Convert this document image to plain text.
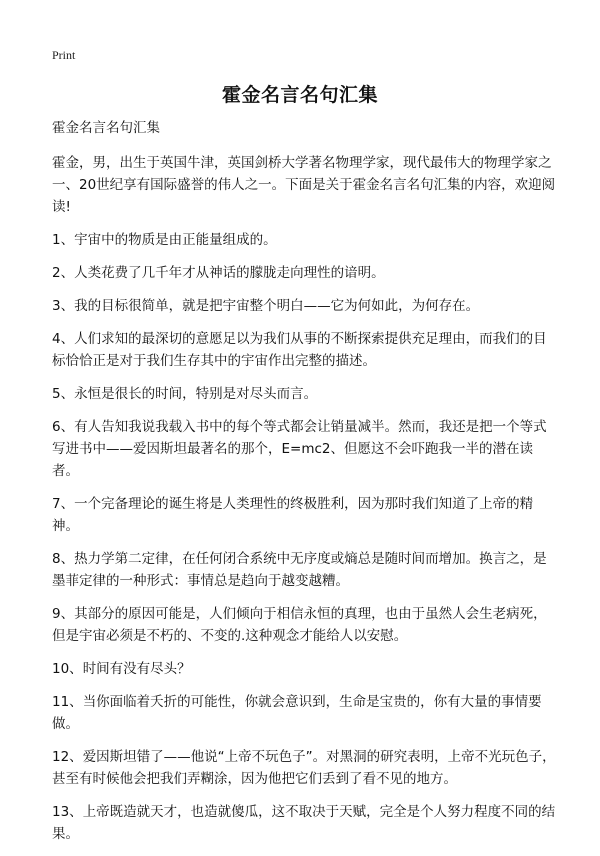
Print
霍金名言名句汇集

霍金名言名句汇集

霍金，男，出生于英国牛津，英国剑桥大学著名物理学家，现代最伟大的物理学家之一、20世纪享有国际盛誉的伟人之一。下面是关于霍金名言名句汇集的内容，欢迎阅读!

1、宇宙中的物质是由正能量组成的。

2、人类花费了几千年才从神话的朦胧走向理性的谙明。

3、我的目标很简单，就是把宇宙整个明白——它为何如此，为何存在。

4、人们求知的最深切的意愿足以为我们从事的不断探索提供充足理由，而我们的目标恰恰正是对于我们生存其中的宇宙作出完整的描述。

5、永恒是很长的时间，特别是对尽头而言。

6、有人告知我说我载入书中的每个等式都会让销量减半。然而，我还是把一个等式写进书中——爱因斯坦最著名的那个，E=mc2、但愿这不会吓跑我一半的潜在读者。

7、一个完备理论的诞生将是人类理性的终极胜利，因为那时我们知道了上帝的精神。

8、热力学第二定律，在任何闭合系统中无序度或熵总是随时间而增加。换言之，是墨菲定律的一种形式：事情总是趋向于越变越糟。

9、其部分的原因可能是，人们倾向于相信永恒的真理，也由于虽然人会生老病死，但是宇宙必须是不朽的、不变的.这种观念才能给人以安慰。

10、时间有没有尽头？

11、当你面临着夭折的可能性，你就会意识到，生命是宝贵的，你有大量的事情要做。

12、爱因斯坦错了——他说“上帝不玩色子”。对黑洞的研究表明，上帝不光玩色子，甚至有时候他会把我们弄糊涂，因为他把它们丢到了看不见的地方。

13、上帝既造就天才，也造就傻瓜，这不取决于天赋，完全是个人努力程度不同的结果。
